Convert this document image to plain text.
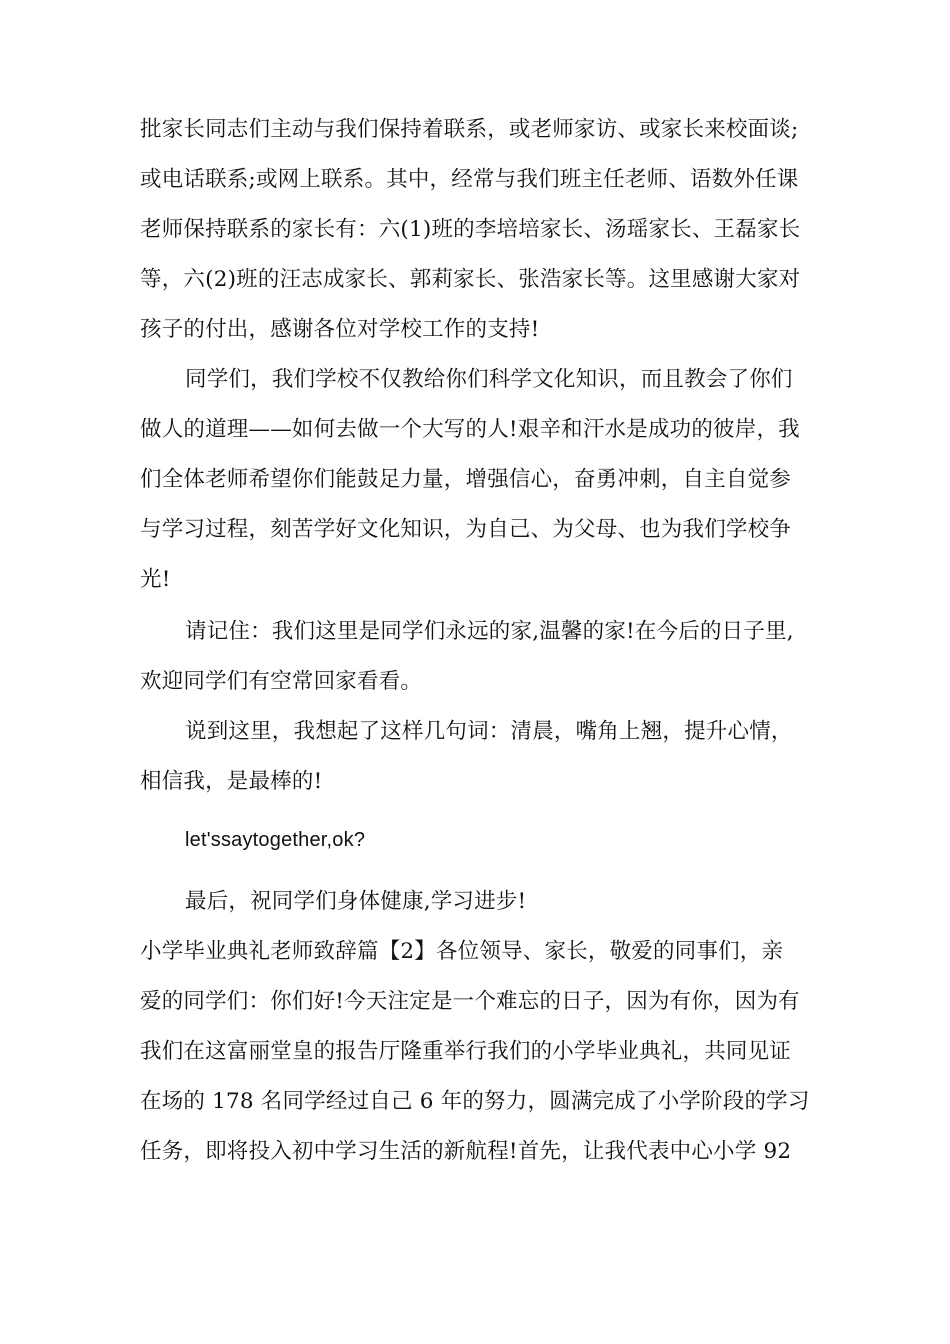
批家长同志们主动与我们保持着联系，或老师家访、或家长来校面谈;
或电话联系;或网上联系。其中，经常与我们班主任老师、语数外任课
老师保持联系的家长有：六(1)班的李培培家长、汤瑶家长、王磊家长
等，六(2)班的汪志成家长、郭莉家长、张浩家长等。这里感谢大家对
孩子的付出，感谢各位对学校工作的支持!
同学们，我们学校不仅教给你们科学文化知识，而且教会了你们
做人的道理——如何去做一个大写的人!艰辛和汗水是成功的彼岸，我
们全体老师希望你们能鼓足力量，增强信心，奋勇冲刺，自主自觉参
与学习过程，刻苦学好文化知识，为自己、为父母、也为我们学校争
光!
请记住：我们这里是同学们永远的家,温馨的家!在今后的日子里,
欢迎同学们有空常回家看看。
说到这里，我想起了这样几句词：清晨，嘴角上翘，提升心情，
相信我，是最棒的!
let'ssaytogether,ok?
最后，祝同学们身体健康,学习进步!
小学毕业典礼老师致辞篇【2】各位领导、家长，敬爱的同事们，亲
爱的同学们：你们好!今天注定是一个难忘的日子，因为有你，因为有
我们在这富丽堂皇的报告厅隆重举行我们的小学毕业典礼，共同见证
在场的 178 名同学经过自己 6 年的努力，圆满完成了小学阶段的学习
任务，即将投入初中学习生活的新航程!首先，让我代表中心小学 92
